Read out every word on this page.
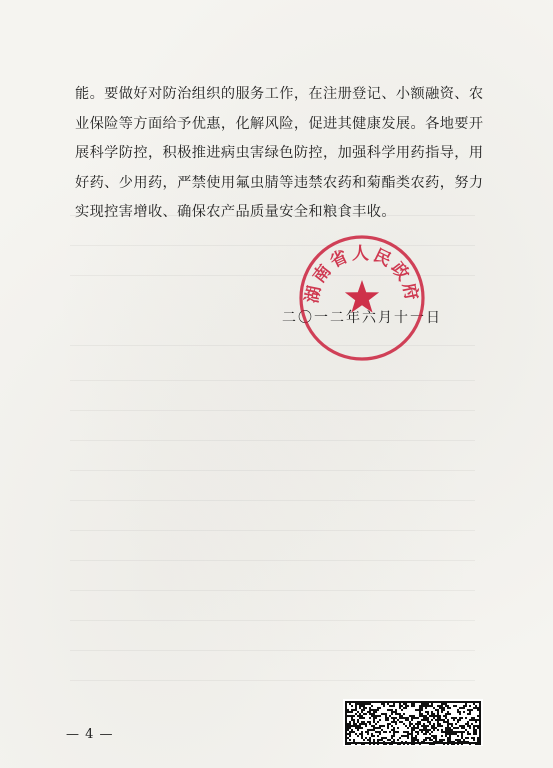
能。要做好对防治组织的服务工作，在注册登记、小额融资、农
业保险等方面给予优惠，化解风险，促进其健康发展。各地要开
展科学防控，积极推进病虫害绿色防控，加强科学用药指导，用
好药、少用药，严禁使用氟虫腈等违禁农药和菊酯类农药，努力
实现控害增收、确保农产品质量安全和粮食丰收。

二〇一二年六月十一日
湖南省人民政府
— 4 —
